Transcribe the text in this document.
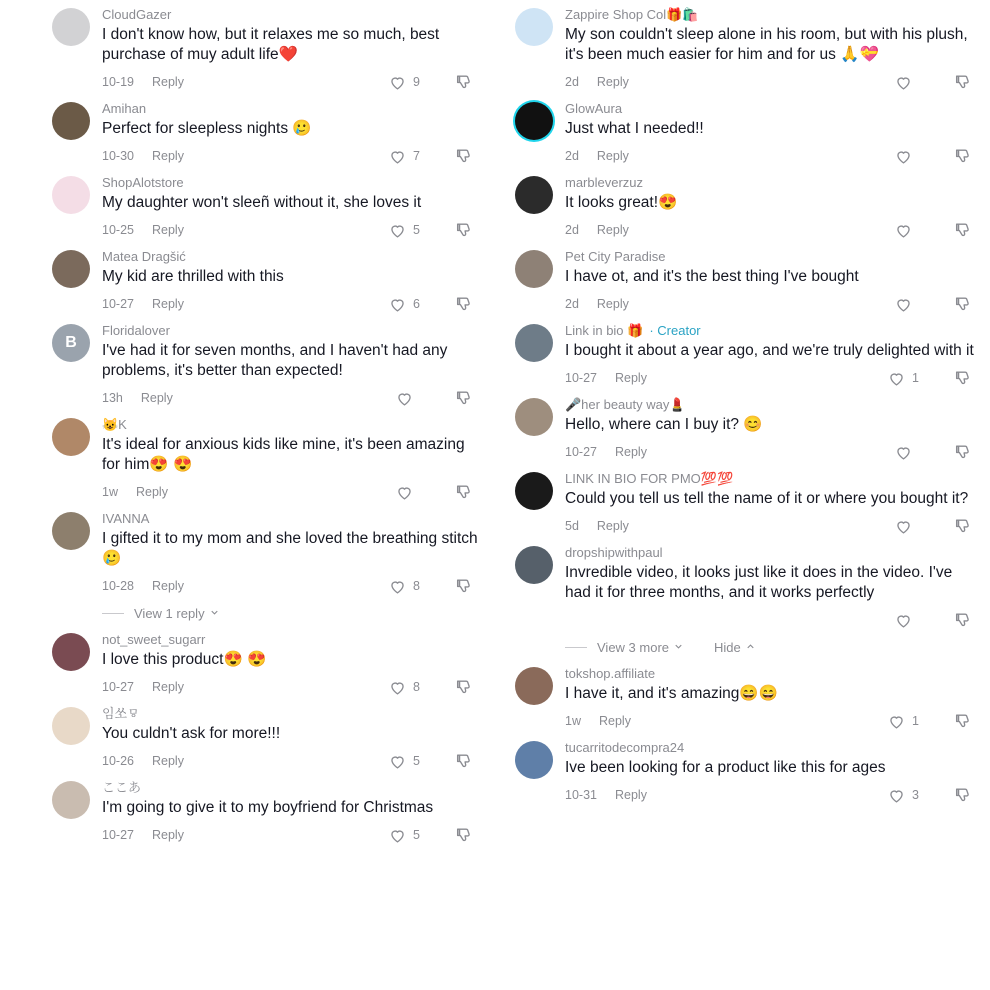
CloudGazer
I don't know how, but it relaxes me so much, best purchase of muy adult life❤️
10-19 Reply	9
Amihan
Perfect for sleepless nights 🥲
10-30 Reply	7
ShopAlotstore
My daughter won't sleeñ without it, she loves it
10-25 Reply	5
Matea Dragšić
My kid are thrilled with this
10-27 Reply	6
B
Floridalover
I've had it for seven months, and I haven't had any problems, it's better than expected!
13h Reply
😺K
It's ideal for anxious kids like mine, it's been amazing for him😍 😍
1w Reply
IVANNA
I gifted it to my mom and she loved the breathing stitch 🥲
10-28 Reply	8
View 1 reply
not_sweet_sugarr
I love this product😍 😍
10-27 Reply	8
임쏘ㅱ
You culdn't ask for more!!!
10-26 Reply	5
ここあ
I'm going to give it to my boyfriend for Christmas
10-27 Reply	5
Zappire Shop Col🎁🛍️
My son couldn't sleep alone in his room, but with his plush, it's been much easier for him and for us 🙏💝
2d Reply
GlowAura
Just what I needed!!
2d Reply
marbleverzuz
It looks great!😍
2d Reply
Pet City Paradise
I have ot, and it's the best thing I've bought
2d Reply
Link in bio 🎁 · Creator
I bought it about a year ago, and we're truly delighted with it
10-27 Reply	1
🎤her beauty way💄
Hello, where can I buy it? 😊
10-27 Reply
LINK IN BIO FOR PMO💯💯
Could you tell us tell the name of it or where you bought it?
5d Reply
dropshipwithpaul
Invredible video, it looks just like it does in the video. I've had it for three months, and it works perfectly
View 3 more	Hide
tokshop.affiliate
I have it, and it's amazing😄😄
1w Reply	1
tucarritodecompra24
Ive been looking for a product like this for ages
10-31 Reply	3
